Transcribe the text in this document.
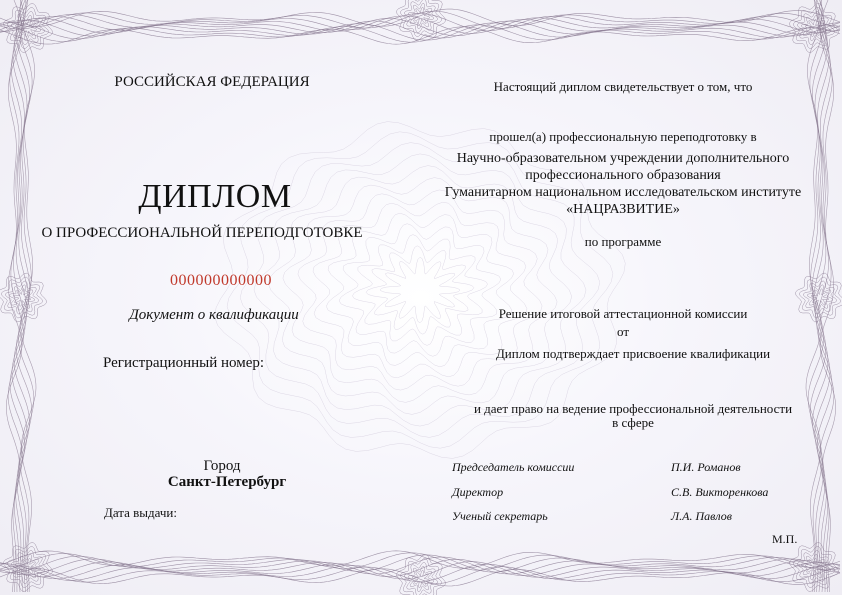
РОССИЙСКАЯ ФЕДЕРАЦИЯ
ДИПЛОМ
О ПРОФЕССИОНАЛЬНОЙ ПЕРЕПОДГОТОВКЕ
000000000000
Документ о квалификации
Регистрационный номер:
Город
Санкт-Петербург
Дата выдачи:
Настоящий диплом свидетельствует о том, что
прошел(а) профессиональную переподготовку в
Научно-образовательном учреждении дополнительного
профессионального образования
Гуманитарном национальном исследовательском институте
«НАЦРАЗВИТИЕ»
по программе
Решение итоговой аттестационной комиссии
от
Диплом подтверждает присвоение квалификации
и дает право на ведение профессиональной деятельности
в сфере
Председатель комиссии
Директор
Ученый секретарь
П.И. Романов
С.В. Викторенкова
Л.А. Павлов
М.П.
